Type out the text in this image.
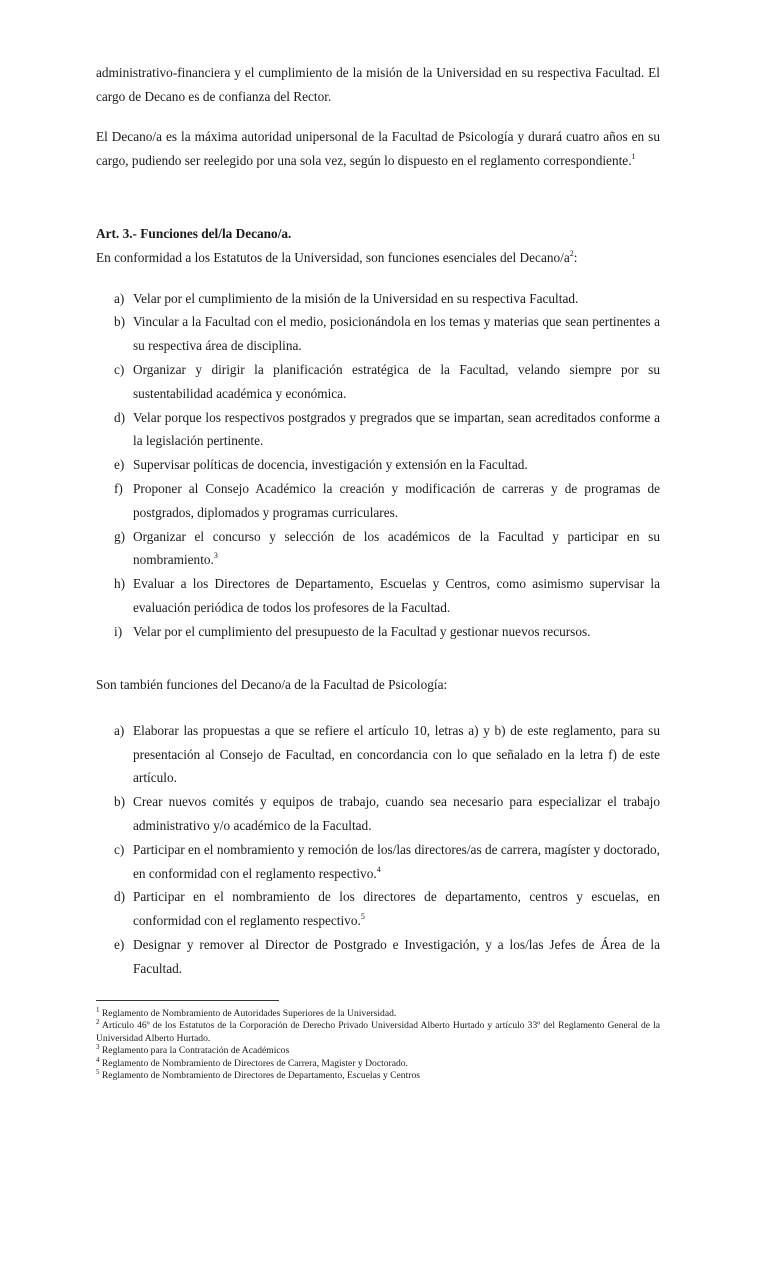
administrativo-financiera y el cumplimiento de la misión de la Universidad en su respectiva Facultad. El cargo de Decano es de confianza del Rector.

El Decano/a es la máxima autoridad unipersonal de la Facultad de Psicología y durará cuatro años en su cargo, pudiendo ser reelegido por una sola vez, según lo dispuesto en el reglamento correspondiente.$^1$

Art. 3.- Funciones del/la Decano/a.

En conformidad a los Estatutos de la Universidad, son funciones esenciales del Decano/$a^2$:

a) Velar por el cumplimiento de la misión de la Universidad en su respectiva Facultad.
b) Vincular a la Facultad con el medio, posicionándola en los temas y materias que sean pertinentes a su respectiva área de disciplina.
c) Organizar y dirigir la planificación estratégica de la Facultad, velando siempre por su sustentabilidad académica y económica.
d) Velar porque los respectivos postgrados y pregrados que se impartan, sean acreditados conforme a la legislación pertinente.
e) Supervisar políticas de docencia, investigación y extensión en la Facultad.
f) Proponer al Consejo Académico la creación y modificación de carreras y de programas de postgrados, diplomados y programas curriculares.
g) Organizar el concurso y selección de los académicos de la Facultad y participar en su nombramiento.$^3$
h) Evaluar a los Directores de Departamento, Escuelas y Centros, como asimismo supervisar la evaluación periódica de todos los profesores de la Facultad.
i) Velar por el cumplimiento del presupuesto de la Facultad y gestionar nuevos recursos.

Son también funciones del Decano/a de la Facultad de Psicología:

a) Elaborar las propuestas a que se refiere el artículo 10, letras a) y b) de este reglamento, para su presentación al Consejo de Facultad, en concordancia con lo que señalado en la letra f) de este artículo.
b) Crear nuevos comités y equipos de trabajo, cuando sea necesario para especializar el trabajo administrativo y/o académico de la Facultad.
c) Participar en el nombramiento y remoción de los/las directores/as de carrera, magíster y doctorado, en conformidad con el reglamento respectivo.$^4$
d) Participar en el nombramiento de los directores de departamento, centros y escuelas, en conformidad con el reglamento respectivo.$^5$
e) Designar y remover al Director de Postgrado e Investigación, y a los/las Jefes de Área de la Facultad.
$^1$ Reglamento de Nombramiento de Autoridades Superiores de la Universidad.
$^2$ Artículo 46º de los Estatutos de la Corporación de Derecho Privado Universidad Alberto Hurtado y artículo 33º del Reglamento General de la Universidad Alberto Hurtado.
$^3$ Reglamento para la Contratación de Académicos
$^4$ Reglamento de Nombramiento de Directores de Carrera, Magister y Doctorado.
$^5$ Reglamento de Nombramiento de Directores de Departamento, Escuelas y Centros
